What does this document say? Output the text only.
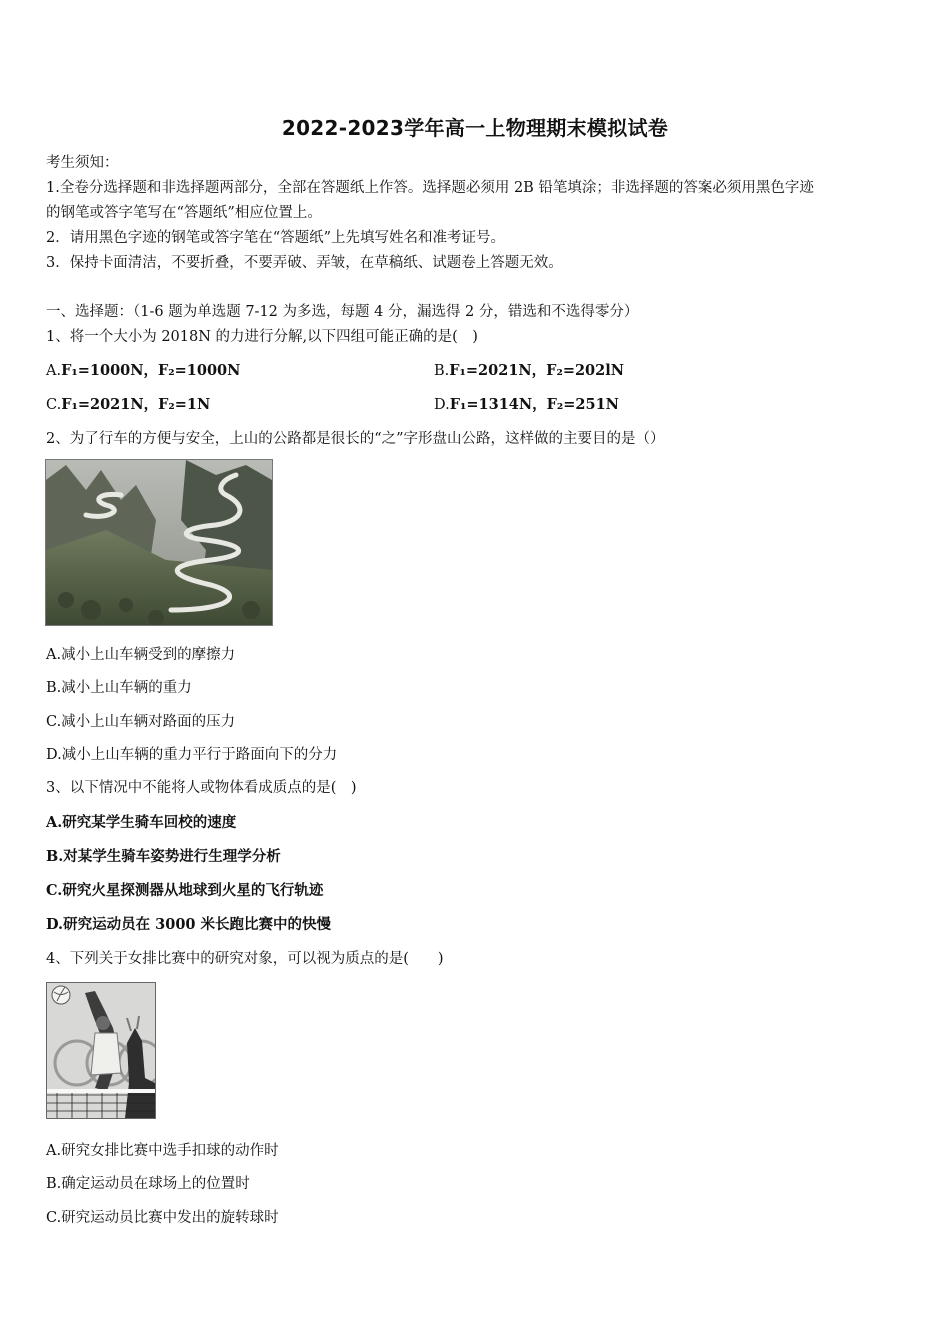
2022-2023学年高一上物理期末模拟试卷
考生须知：
1.全卷分选择题和非选择题两部分，全部在答题纸上作答。选择题必须用 2B 铅笔填涂；非选择题的答案必须用黑色字迹
的钢笔或答字笔写在“答题纸”相应位置上。
2．请用黑色字迹的钢笔或答字笔在“答题纸”上先填写姓名和准考证号。
3．保持卡面清洁，不要折叠，不要弄破、弄皱，在草稿纸、试题卷上答题无效。
一、选择题：（1-6 题为单选题 7-12 为多选，每题 4 分，漏选得 2 分，错选和不选得零分）
1、将一个大小为 2018N 的力进行分解,以下四组可能正确的是(　)
A.F₁=1000N，F₂=1000N	B.F₁=2021N，F₂=202lN
C.F₁=2021N，F₂=1N	D.F₁=1314N，F₂=251N
2、为了行车的方便与安全，上山的公路都是很长的“之”字形盘山公路，这样做的主要目的是（）
A.减小上山车辆受到的摩擦力
B.减小上山车辆的重力
C.减小上山车辆对路面的压力
D.减小上山车辆的重力平行于路面向下的分力
3、以下情况中不能将人或物体看成质点的是(　)
A.研究某学生骑车回校的速度
B.对某学生骑车姿势进行生理学分析
C.研究火星探测器从地球到火星的飞行轨迹
D.研究运动员在 3000 米长跑比赛中的快慢
4、下列关于女排比赛中的研究对象，可以视为质点的是(　　)
A.研究女排比赛中选手扣球的动作时
B.确定运动员在球场上的位置时
C.研究运动员比赛中发出的旋转球时
